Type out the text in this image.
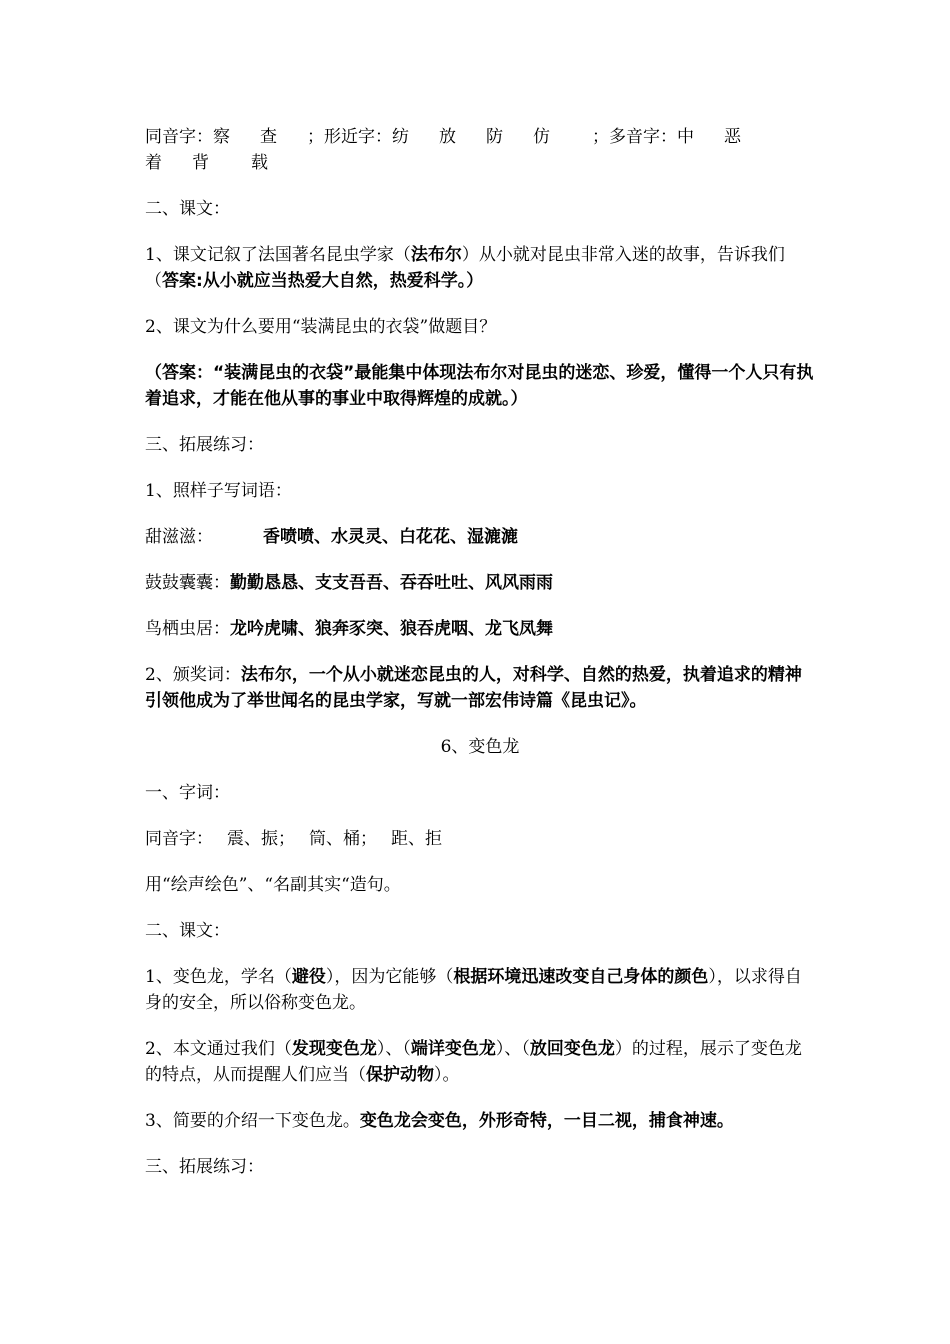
同音字：察 查 ；形近字：纺 放 防 仿 ；多音字：中 恶
着 背 载

二、课文：

1、课文记叙了法国著名昆虫学家（法布尔）从小就对昆虫非常入迷的故事，告诉我们（答案:从小就应当热爱大自然，热爱科学。）

2、课文为什么要用“装满昆虫的衣袋”做题目？

（答案：“装满昆虫的衣袋”最能集中体现法布尔对昆虫的迷恋、珍爱，懂得一个人只有执着追求，才能在他从事的事业中取得辉煌的成就。）

三、拓展练习：

1、照样子写词语：

甜滋滋：	香喷喷、水灵灵、白花花、湿漉漉

鼓鼓囊囊：勤勤恳恳、支支吾吾、吞吞吐吐、风风雨雨

鸟栖虫居：龙吟虎啸、狼奔豕突、狼吞虎咽、龙飞凤舞

2、颁奖词：法布尔，一个从小就迷恋昆虫的人，对科学、自然的热爱，执着追求的精神引领他成为了举世闻名的昆虫学家，写就一部宏伟诗篇《昆虫记》。

6、变色龙

一、字词：

同音字： 震、振； 筒、桶； 距、拒

用“绘声绘色”、“名副其实“造句。

二、课文：

1、变色龙，学名（避役），因为它能够（根据环境迅速改变自己身体的颜色），以求得自身的安全，所以俗称变色龙。

2、本文通过我们（发现变色龙）、（端详变色龙）、（放回变色龙）的过程，展示了变色龙的特点，从而提醒人们应当（保护动物）。

3、简要的介绍一下变色龙。变色龙会变色，外形奇特，一目二视，捕食神速。

三、拓展练习：
